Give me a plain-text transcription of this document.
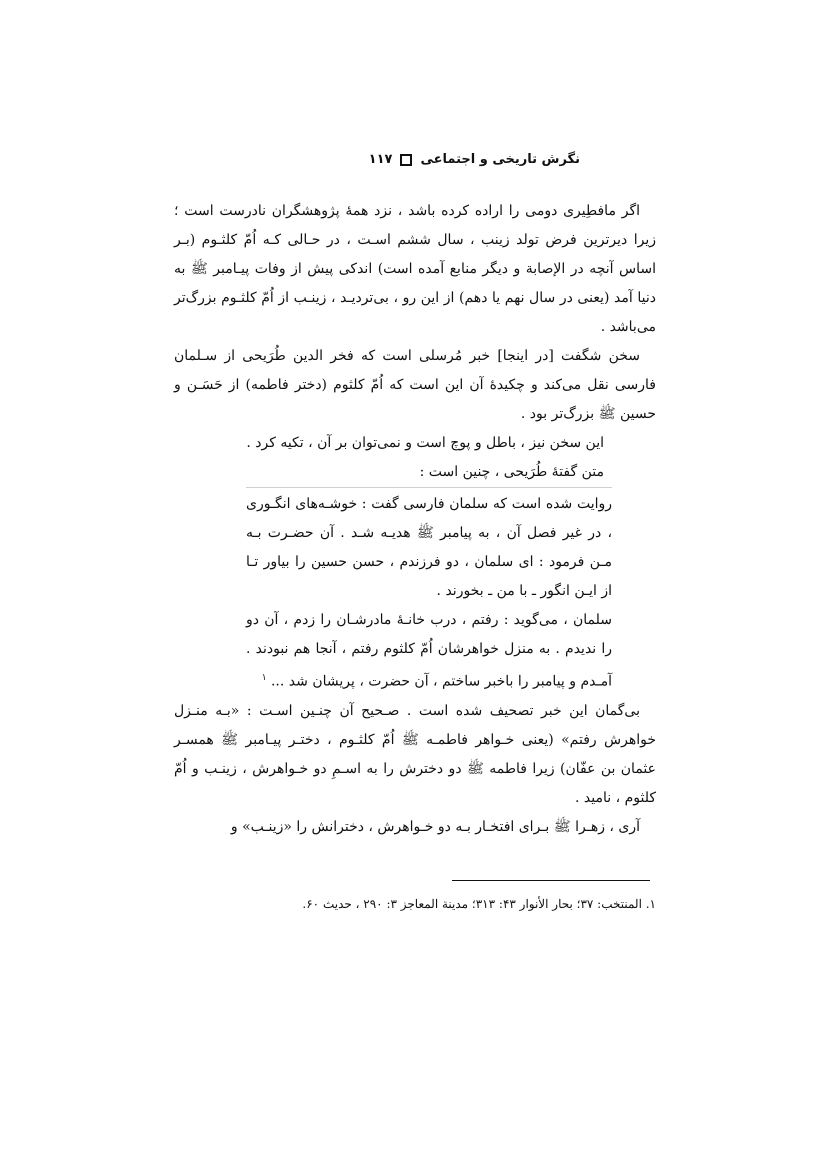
نگرش تاریخی و اجتماعی
۱۱۷

اگر مافطِیری دومی را اراده کرده باشد ، نزد همهٔ پژوهشگران نادرست است ؛ زیرا دیرترین فرض تولد زینب ، سال ششم اسـت ، در حـالی کـه اُمّ کلثـوم (بـر اساس آنچه در الإصابة و دیگر منابع آمده است) اندکی پیش از وفات پیـامبر ﷺ به دنیا آمد (یعنی در سال نهم یا دهم) از این رو ، بی‌تردیـد ، زینـب از اُمّ کلثـوم بزرگ‌تر می‌باشد .

سخن شگفت [در اینجا] خبر مُرسلی است که فخر الدین طُرَیحی از سـلمان فارسی نقل می‌کند و چکیدهٔ آن این است که اُمّ کلثوم (دختر فاطمه) از حَسَـن و حسین ﷺ بزرگ‌تر بود .

این سخن نیز ، باطل و پوچ است و نمی‌توان بر آن ، تکیه کرد .

متن گفتهٔ طُرَیحی ، چنین است :

روایت شده است که سلمان فارسی گفت : خوشـه‌های انگـوری ، در غیر فصل آن ، به پیامبر ﷺ هدیـه شـد . آن حضـرت بـه مـن فرمود : ای سلمان ، دو فرزندم ، حسن حسین را بیاور تـا از ایـن انگور ـ با من ـ بخورند .

سلمان ، می‌گوید : رفتم ، درب خانـهٔ مادرشـان را زدم ، آن دو را ندیدم . به منزل خواهرشان اُمّ کلثوم رفتم ، آنجا هم نبودند . آمـدم و پیامبر را باخبر ساختم ، آن حضرت ، پریشان شد ... $^۱$

بی‌گمان این خبر تصحیف شده است . صـحیح آن چنـین اسـت : «بـه منـزل خواهرش رفتم» (یعنی خـواهر فاطمـه ﷺ اُمّ کلثـوم ، دختـر پیـامبر ﷺ همسـر عثمان بن عفّان) زیرا فاطمه ﷺ دو دخترش را به اسـمِ دو خـواهرش ، زینـب و اُمّ کلثوم ، نامید .

آری ، زهـرا ﷺ بـرای افتخـار بـه دو خـواهرش ، دخترانش را «زینـب» و

۱. المنتخب: ۳۷؛ بحار الأنوار ۴۳: ۳۱۳؛ مدینة المعاجز ۳: ۲۹۰ ، حدیث ۶۰.
